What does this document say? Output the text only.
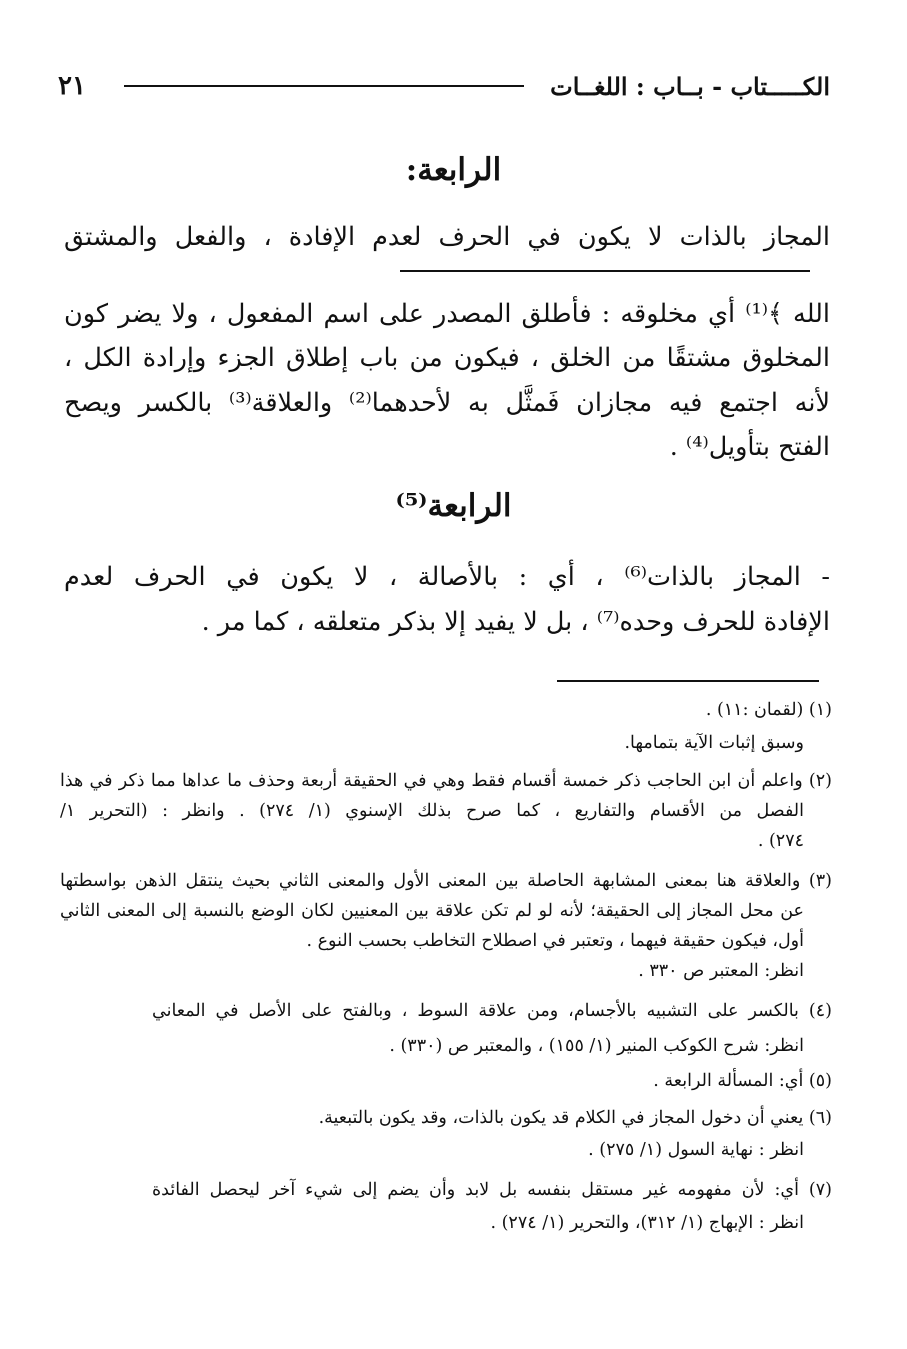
الكـــــتاب - بــاب : اللغــات
٢١
الرابعة:
المجاز بالذات لا يكون في الحرف لعدم الإفادة ، والفعل والمشتق
الله ﴾⁽¹⁾ أي مخلوقه : فأطلق المصدر على اسم المفعول ، ولا يضر كون
المخلوق مشتقًا من الخلق ، فيكون من باب إطلاق الجزء وإرادة الكل ،
لأنه اجتمع فيه مجازان فَمثَّل به لأحدهما⁽²⁾ والعلاقة⁽³⁾ بالكسر ويصح
الفتح بتأويل⁽⁴⁾ .
الرابعة⁽⁵⁾
- المجاز بالذات⁽⁶⁾ ، أي : بالأصالة ، لا يكون في الحرف لعدم
الإفادة للحرف وحده⁽⁷⁾ ، بل لا يفيد إلا بذكر متعلقه ، كما مر .
(١) (لقمان :١١) .
وسبق إثبات الآية بتمامها.
(٢) واعلم أن ابن الحاجب ذكر خمسة أقسام فقط وهي في الحقيقة أربعة وحذف ما عداها مما ذكر في هذا
الفصل من الأقسام والتفاريع ، كما صرح بذلك الإسنوي (١/ ٢٧٤) . وانظر : (التحرير ١/
٢٧٤) .
(٣) والعلاقة هنا بمعنى المشابهة الحاصلة بين المعنى الأول والمعنى الثاني بحيث ينتقل الذهن بواسطتها
عن محل المجاز إلى الحقيقة؛ لأنه لو لم تكن علاقة بين المعنيين لكان الوضع بالنسبة إلى المعنى الثاني
أول، فيكون حقيقة فيهما ، وتعتبر في اصطلاح التخاطب بحسب النوع .
انظر: المعتبر ص ٣٣٠ .
(٤) بالكسر على التشبيه بالأجسام، ومن علاقة السوط ، وبالفتح على الأصل في المعاني
انظر: شرح الكوكب المنير (١/ ١٥٥) ، والمعتبر ص (٣٣٠) .
(٥) أي: المسألة الرابعة .
(٦) يعني أن دخول المجاز في الكلام قد يكون بالذات، وقد يكون بالتبعية.
انظر : نهاية السول (١/ ٢٧٥) .
(٧) أي: لأن مفهومه غير مستقل بنفسه بل لابد وأن يضم إلى شيء آخر ليحصل الفائدة
انظر : الإبهاج (١/ ٣١٢)، والتحرير (١/ ٢٧٤) .
